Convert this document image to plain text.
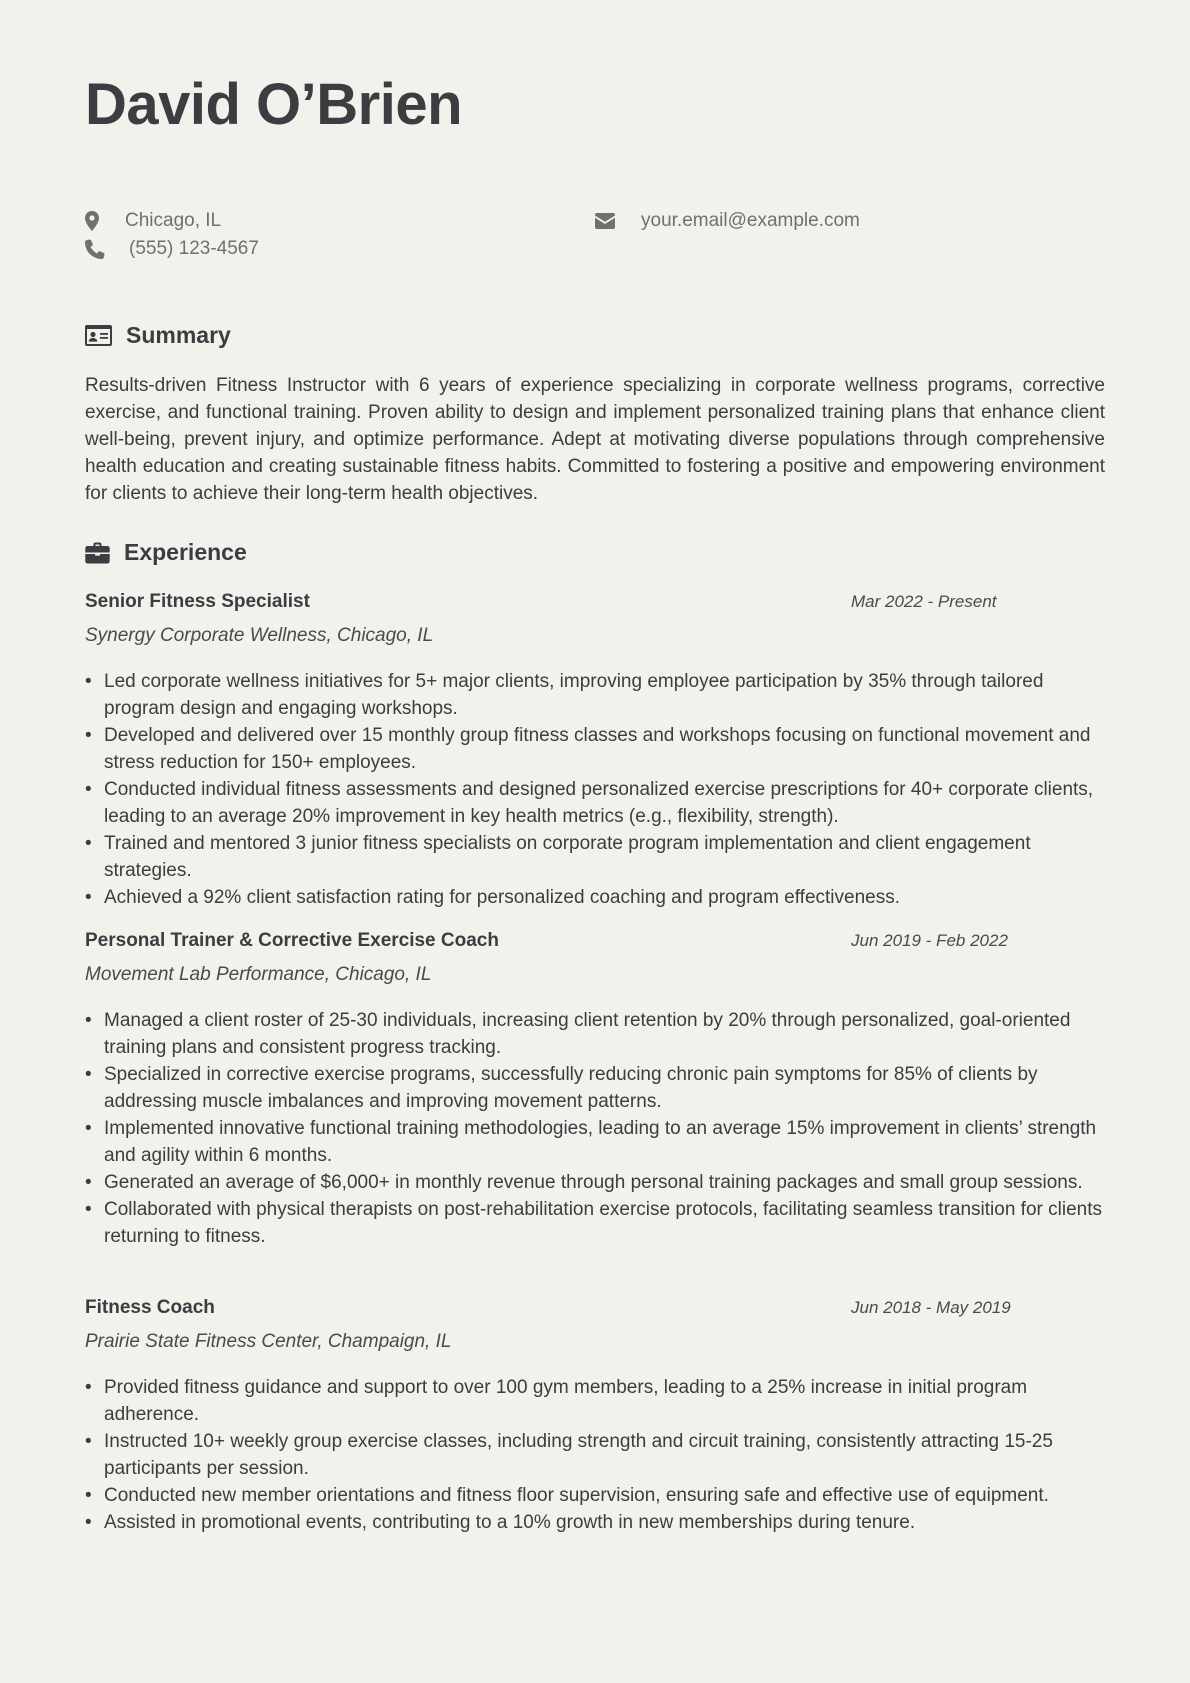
David O’Brien
Chicago, IL	your.email@example.com
(555) 123-4567
Summary

Results-driven Fitness Instructor with 6 years of experience specializing in corporate wellness programs, corrective exercise, and functional training. Proven ability to design and implement personalized training plans that enhance client well-being, prevent injury, and optimize performance. Adept at motivating diverse populations through comprehensive health education and creating sustainable fitness habits. Committed to fostering a positive and empowering environment for clients to achieve their long-term health objectives.

Experience
Senior Fitness Specialist	Mar 2022 - Present
Synergy Corporate Wellness, Chicago, IL
• Led corporate wellness initiatives for 5+ major clients, improving employee participation by 35% through tailored program design and engaging workshops.
• Developed and delivered over 15 monthly group fitness classes and workshops focusing on functional movement and stress reduction for 150+ employees.
• Conducted individual fitness assessments and designed personalized exercise prescriptions for 40+ corporate clients, leading to an average 20% improvement in key health metrics (e.g., flexibility, strength).
• Trained and mentored 3 junior fitness specialists on corporate program implementation and client engagement strategies.
• Achieved a 92% client satisfaction rating for personalized coaching and program effectiveness.
Personal Trainer & Corrective Exercise Coach	Jun 2019 - Feb 2022
Movement Lab Performance, Chicago, IL
• Managed a client roster of 25-30 individuals, increasing client retention by 20% through personalized, goal-oriented training plans and consistent progress tracking.
• Specialized in corrective exercise programs, successfully reducing chronic pain symptoms for 85% of clients by addressing muscle imbalances and improving movement patterns.
• Implemented innovative functional training methodologies, leading to an average 15% improvement in clients’ strength and agility within 6 months.
• Generated an average of $6,000+ in monthly revenue through personal training packages and small group sessions.
• Collaborated with physical therapists on post-rehabilitation exercise protocols, facilitating seamless transition for clients returning to fitness.
Fitness Coach	Jun 2018 - May 2019
Prairie State Fitness Center, Champaign, IL
• Provided fitness guidance and support to over 100 gym members, leading to a 25% increase in initial program adherence.
• Instructed 10+ weekly group exercise classes, including strength and circuit training, consistently attracting 15-25 participants per session.
• Conducted new member orientations and fitness floor supervision, ensuring safe and effective use of equipment.
• Assisted in promotional events, contributing to a 10% growth in new memberships during tenure.
